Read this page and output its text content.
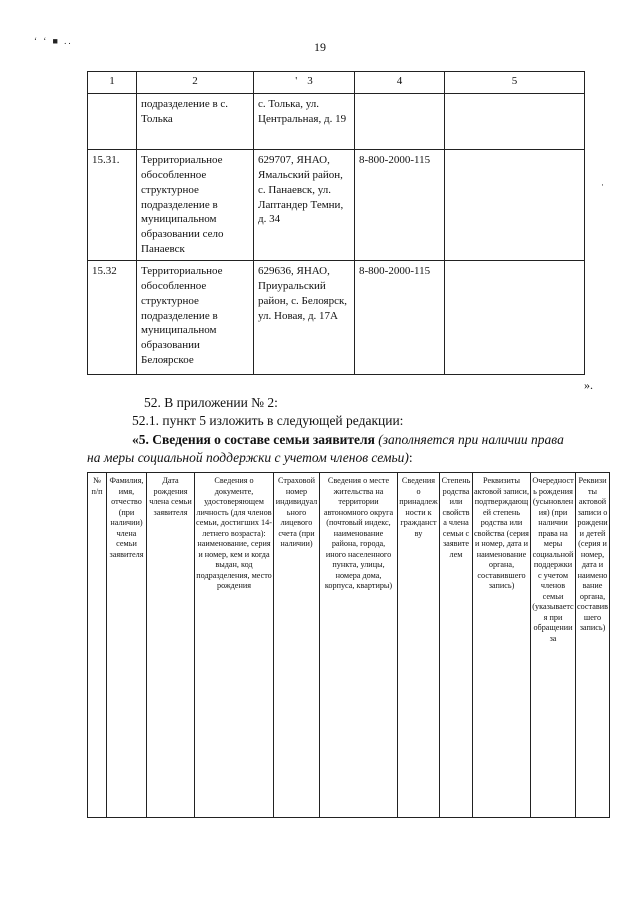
‘ ‘ ■ ..	19
1	2	' 3	4	5
	подразделение в с. Толька	с. Толька, ул. Центральная, д. 19		
15.31.	Территориальное обособленное структурное подразделение в муниципальном образовании село Панаевск	629707, ЯНАО, Ямальский район, с. Панаевск, ул. Лаптандер Темни, д. 34	8-800-2000-115	
15.32	Территориальное обособленное структурное подразделение в муниципальном образовании Белоярское	629636, ЯНАО, Приуральский район, с. Белоярск, ул. Новая, д. 17А	8-800-2000-115	
·
».
52. В приложении № 2:
52.1. пункт 5 изложить в следующей редакции:
«5. Сведения о составе семьи заявителя (заполняется при наличии права
на меры социальной поддержки с учетом членов семьи):
№ п/п	Фамилия, имя, отчество (при наличии) члена семьи заявителя	Дата рождения члена семьи заявителя	Сведения о документе, удостоверяющем личность (для членов семьи, достигших 14-летнего возраста): наименование, серия и номер, кем и когда выдан, код подразделения, место рождения	Страховой номер индивидуального лицевого счета (при наличии)	Сведения о месте жительства на территории автономного округа (почтовый индекс, наименование района, города, иного населенного пункта, улицы, номера дома, корпуса, квартиры)	Сведения о принадлежности к гражданству	Степень родства или свойства члена семьи с заявителем	Реквизиты актовой записи, подтверждающей степень родства или свойства (серия и номер, дата и наименование органа, составившего запись)	Очередность рождения (усыновления) (при наличии права на меры социальной поддержки с учетом членов семьи (указывается при обращении за	Реквизиты актовой записи о рождении детей (серия и номер, дата и наименование органа, составившего запись)
